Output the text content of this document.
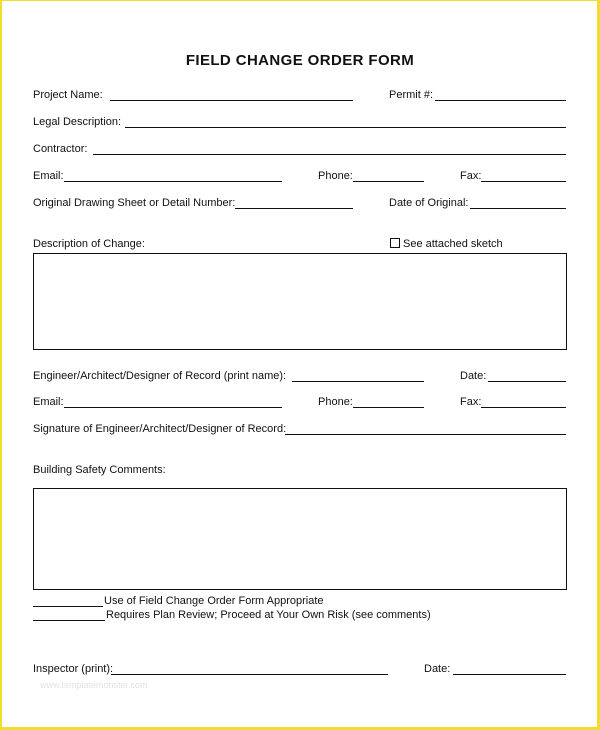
FIELD CHANGE ORDER FORM
Project Name:	Permit #:
Legal Description:
Contractor:
Email:	Phone:	Fax:
Original Drawing Sheet or Detail Number:	Date of Original:
Description of Change:	See attached sketch
Engineer/Architect/Designer of Record (print name):	Date:
Email:	Phone:	Fax:
Signature of Engineer/Architect/Designer of Record:
Building Safety Comments:
Use of Field Change Order Form Appropriate
Requires Plan Review; Proceed at Your Own Risk (see comments)
Inspector (print):	Date:
www.templatemonster.com
